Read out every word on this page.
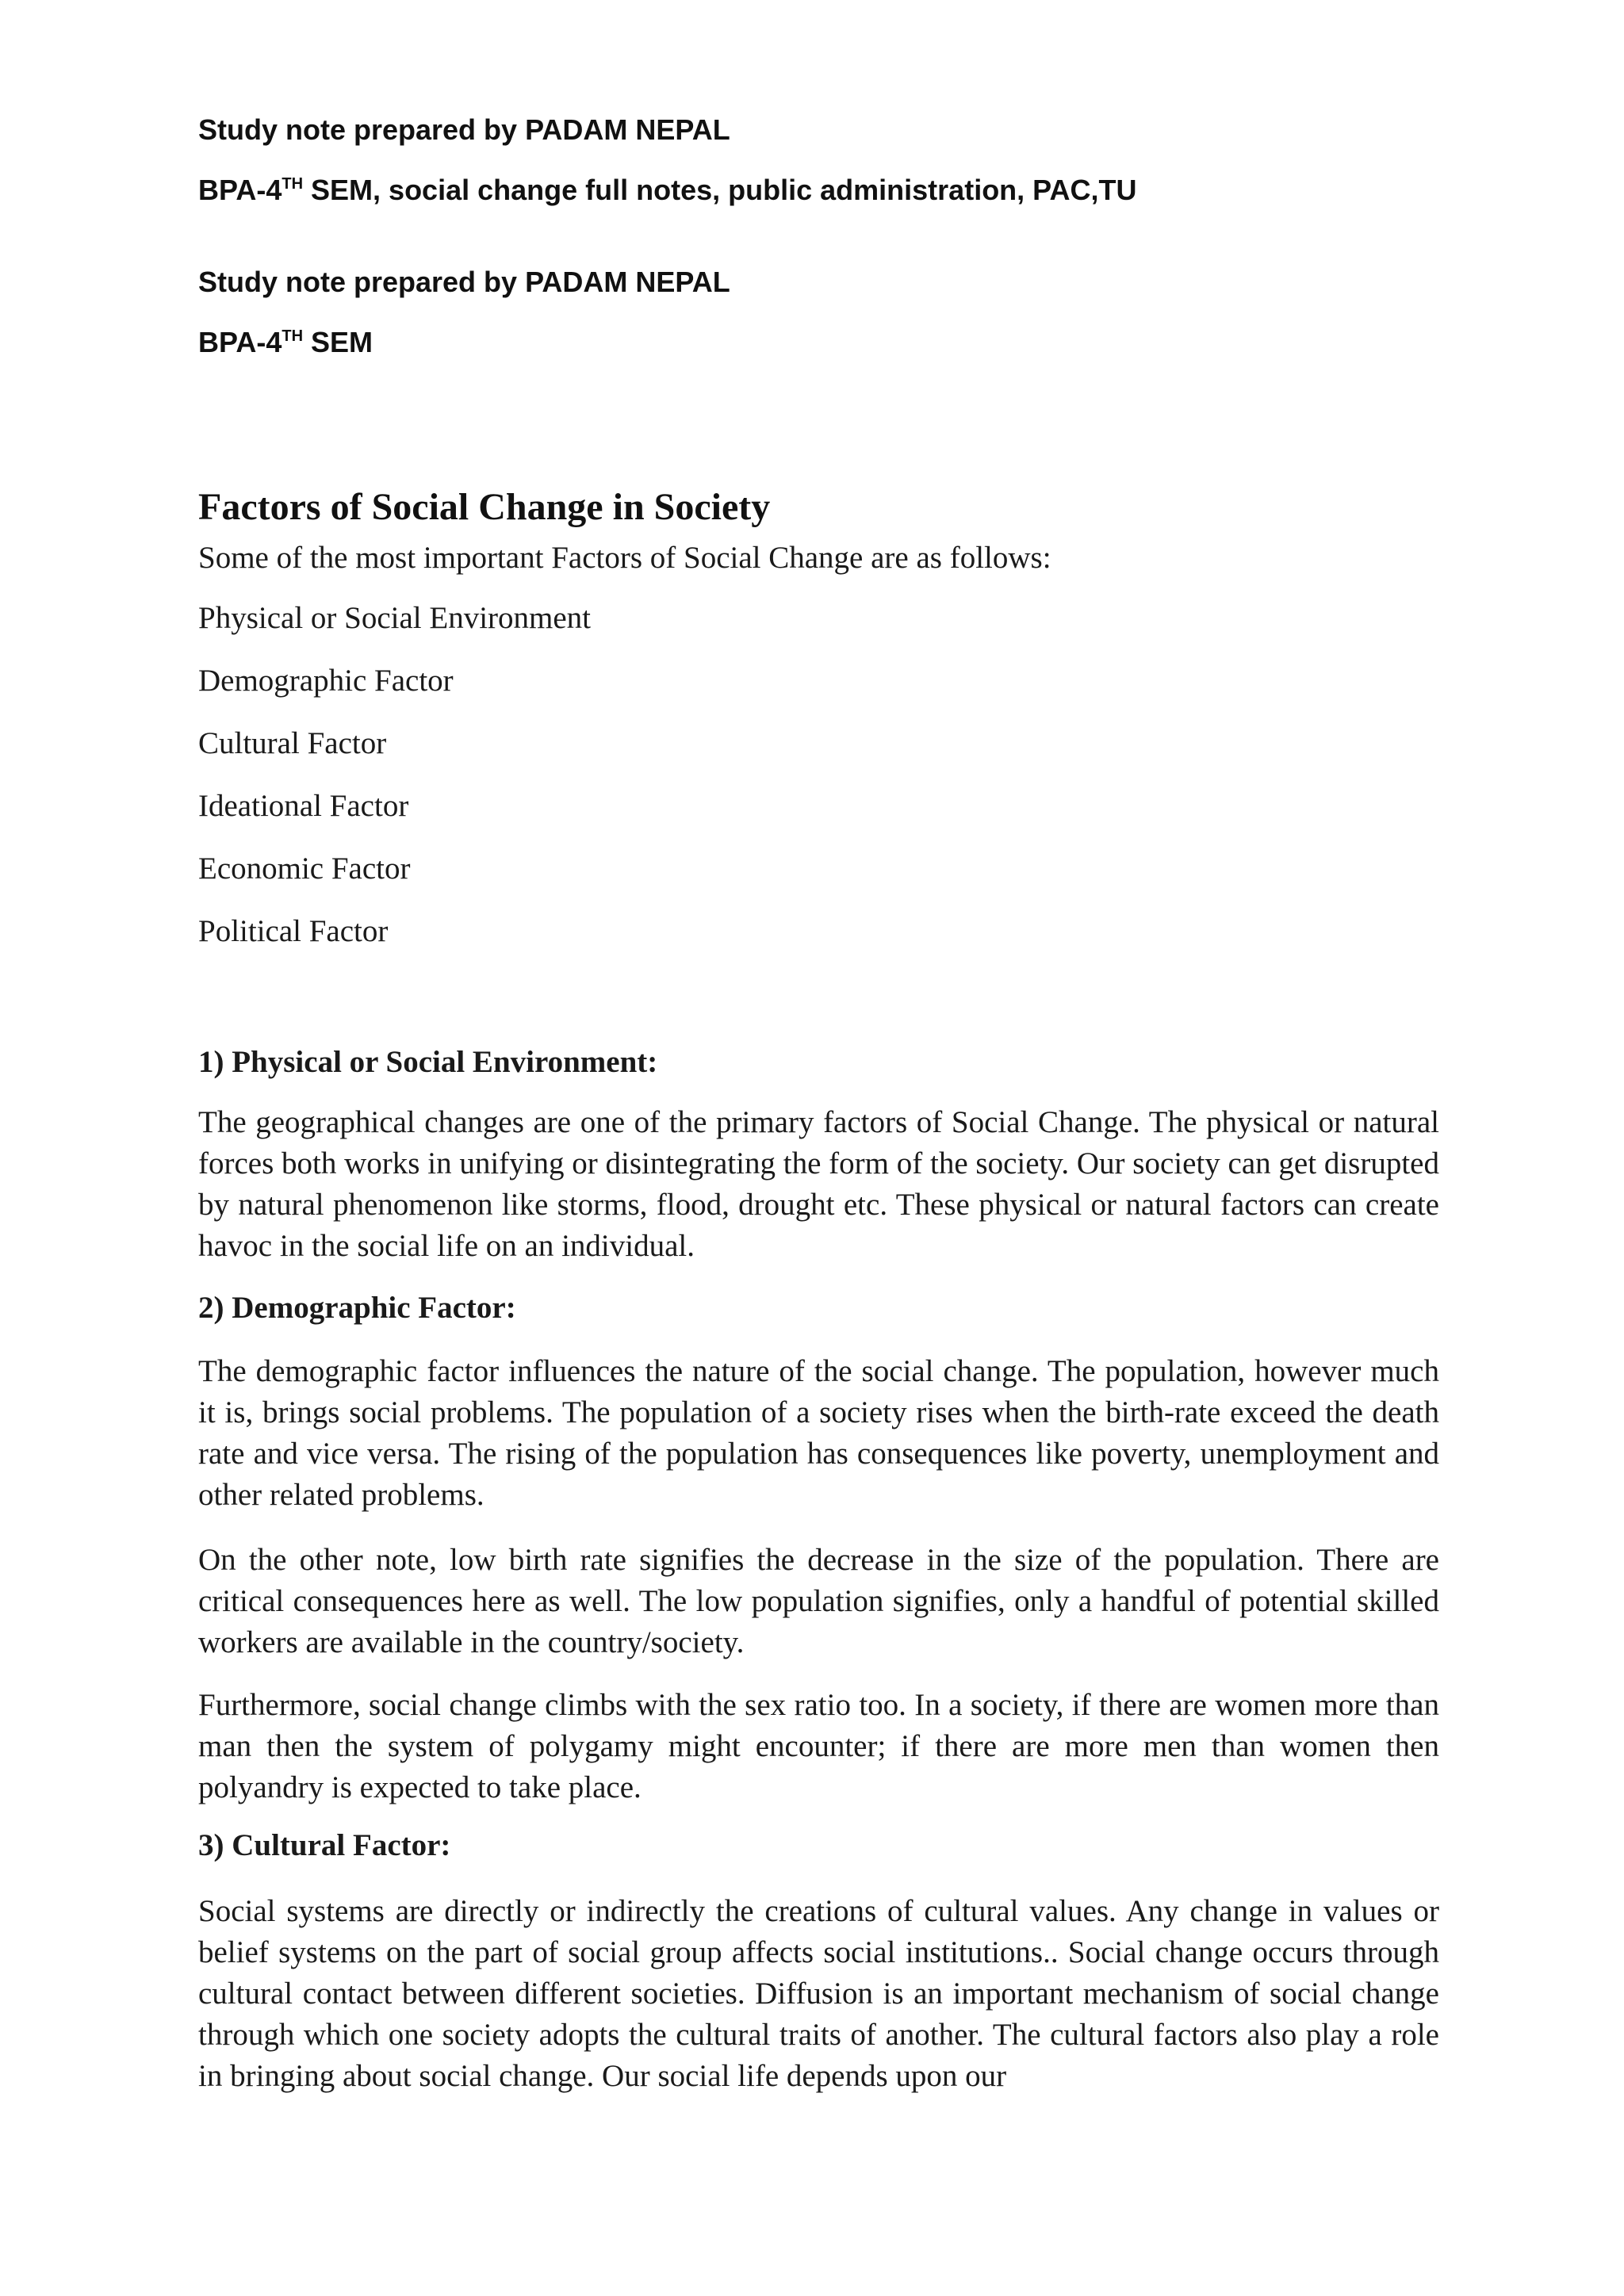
Study note prepared by PADAM NEPAL
BPA-4TH SEM, social change full notes, public administration, PAC,TU
Study note prepared by PADAM NEPAL
BPA-4TH SEM
Factors of Social Change in Society
Some of the most important Factors of Social Change are as follows:
Physical or Social Environment
Demographic Factor
Cultural Factor
Ideational Factor
Economic Factor
Political Factor
1) Physical or Social Environment:

The geographical changes are one of the primary factors of Social Change. The physical or natural forces both works in unifying or disintegrating the form of the society. Our society can get disrupted by natural phenomenon like storms, flood, drought etc. These physical or natural factors can create havoc in the social life on an individual.

2) Demographic Factor:

The demographic factor influences the nature of the social change. The population, however much it is, brings social problems. The population of a society rises when the birth-rate exceed the death rate and vice versa. The rising of the population has consequences like poverty, unemployment and other related problems.

On the other note, low birth rate signifies the decrease in the size of the population. There are critical consequences here as well. The low population signifies, only a handful of potential skilled workers are available in the country/society.

Furthermore, social change climbs with the sex ratio too. In a society, if there are women more than man then the system of polygamy might encounter; if there are more men than women then polyandry is expected to take place.

3) Cultural Factor:

Social systems are directly or indirectly the creations of cultural values. Any change in values or belief systems on the part of social group affects social institutions.. Social change occurs through cultural contact between different societies. Diffusion is an important mechanism of social change through which one society adopts the cultural traits of another. The cultural factors also play a role in bringing about social change. Our social life depends upon our
